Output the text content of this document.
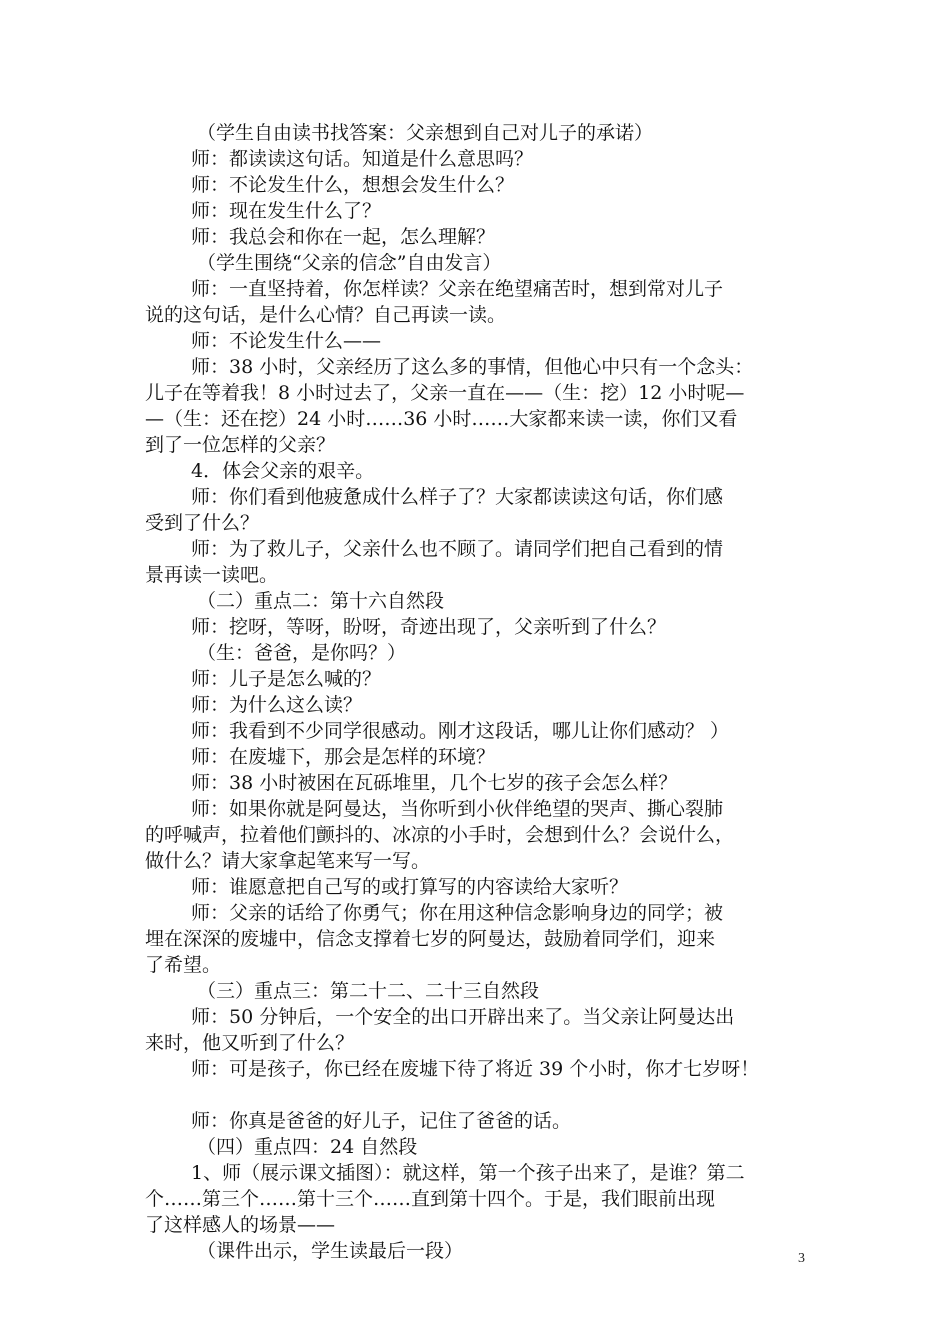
（学生自由读书找答案：父亲想到自己对儿子的承诺）
师：都读读这句话。知道是什么意思吗？
师：不论发生什么，想想会发生什么？
师：现在发生什么了？
师：我总会和你在一起，怎么理解？
（学生围绕“父亲的信念”自由发言）
师：一直坚持着，你怎样读？父亲在绝望痛苦时，想到常对儿子
说的这句话，是什么心情？自己再读一读。
师：不论发生什么——
师：38 小时，父亲经历了这么多的事情，但他心中只有一个念头：
儿子在等着我！8 小时过去了，父亲一直在——（生：挖）12 小时呢—
—（生：还在挖）24 小时……36 小时……大家都来读一读，你们又看
到了一位怎样的父亲？
4．体会父亲的艰辛。
师：你们看到他疲惫成什么样子了？大家都读读这句话，你们感
受到了什么？
师：为了救儿子，父亲什么也不顾了。请同学们把自己看到的情
景再读一读吧。
（二）重点二：第十六自然段
师：挖呀，等呀，盼呀，奇迹出现了，父亲听到了什么？
（生：爸爸，是你吗？）
师：儿子是怎么喊的？
师：为什么这么读？
师：我看到不少同学很感动。刚才这段话，哪儿让你们感动？ ）
师：在废墟下，那会是怎样的环境？
师：38 小时被困在瓦砾堆里，几个七岁的孩子会怎么样？
师：如果你就是阿曼达，当你听到小伙伴绝望的哭声、撕心裂肺
的呼喊声，拉着他们颤抖的、冰凉的小手时，会想到什么？会说什么，
做什么？请大家拿起笔来写一写。
师：谁愿意把自己写的或打算写的内容读给大家听？
师：父亲的话给了你勇气；你在用这种信念影响身边的同学；被
埋在深深的废墟中，信念支撑着七岁的阿曼达，鼓励着同学们，迎来
了希望。
（三）重点三：第二十二、二十三自然段
师：50 分钟后，一个安全的出口开辟出来了。当父亲让阿曼达出
来时，他又听到了什么？
师：可是孩子，你已经在废墟下待了将近 39 个小时，你才七岁呀！
师：你真是爸爸的好儿子，记住了爸爸的话。
（四）重点四：24 自然段
1、师（展示课文插图）：就这样，第一个孩子出来了，是谁？第二
个……第三个……第十三个……直到第十四个。于是，我们眼前出现
了这样感人的场景——
（课件出示，学生读最后一段）	3
